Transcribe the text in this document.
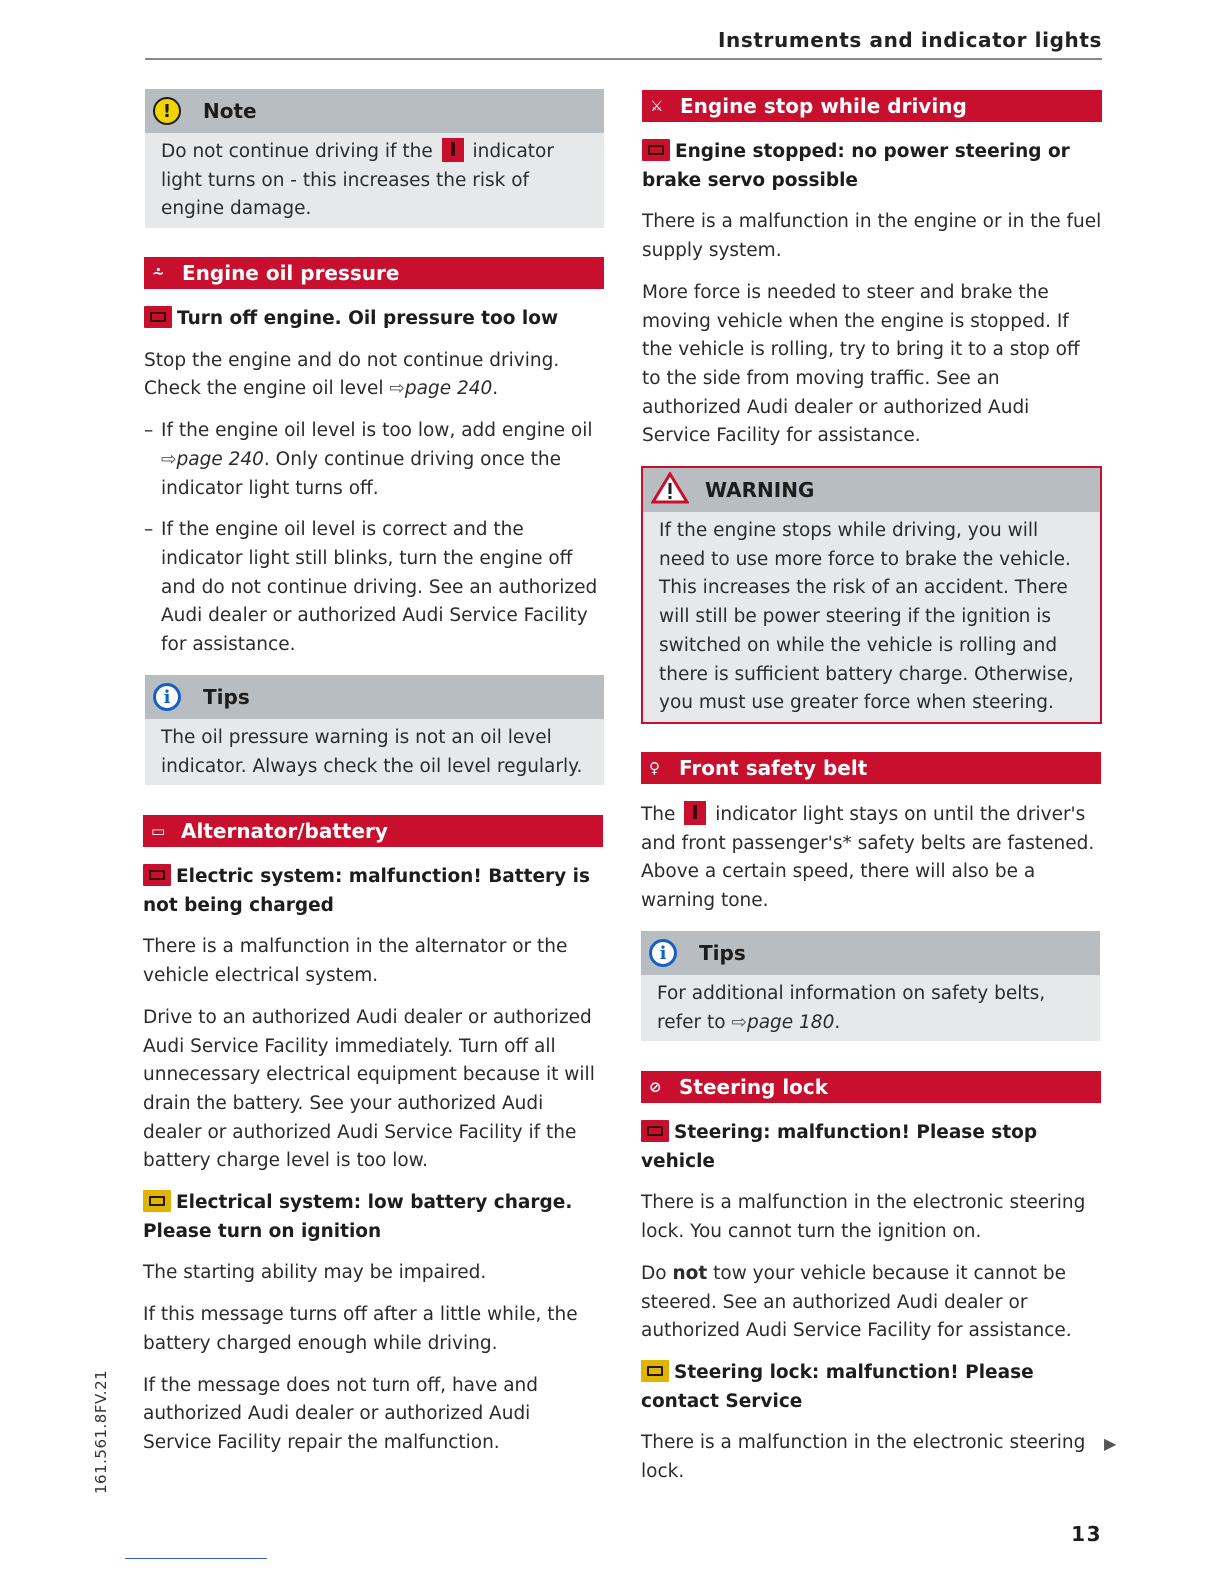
Instruments and indicator lights
!	Note

Do not continue driving if the indicator light turns on - this increases the risk of engine damage.

⩪ Engine oil pressure

Turn off engine. Oil pressure too low

Stop the engine and do not continue driving. Check the engine oil level ⇨page 240.

– If the engine oil level is too low, add engine oil ⇨page 240. Only continue driving once the indicator light turns off.

– If the engine oil level is correct and the indicator light still blinks, turn the engine off and do not continue driving. See an authorized Audi dealer or authorized Audi Service Facility for assistance.

i	Tips

The oil pressure warning is not an oil level indicator. Always check the oil level regularly.

▭ Alternator/battery

Electric system: malfunction! Battery is not being charged

There is a malfunction in the alternator or the vehicle electrical system.

Drive to an authorized Audi dealer or authorized Audi Service Facility immediately. Turn off all unnecessary electrical equipment because it will drain the battery. See your authorized Audi dealer or authorized Audi Service Facility if the battery charge level is too low.

Electrical system: low battery charge. Please turn on ignition

The starting ability may be impaired.

If this message turns off after a little while, the battery charged enough while driving.

If the message does not turn off, have and authorized Audi dealer or authorized Audi Service Facility repair the malfunction.

⚔ Engine stop while driving

Engine stopped: no power steering or brake servo possible

There is a malfunction in the engine or in the fuel supply system.

More force is needed to steer and brake the moving vehicle when the engine is stopped. If the vehicle is rolling, try to bring it to a stop off to the side from moving traffic. See an authorized Audi dealer or authorized Audi Service Facility for assistance.

WARNING

If the engine stops while driving, you will need to use more force to brake the vehicle. This increases the risk of an accident. There will still be power steering if the ignition is switched on while the vehicle is rolling and there is sufficient battery charge. Otherwise, you must use greater force when steering.

♀ Front safety belt

The indicator light stays on until the driver's and front passenger's* safety belts are fastened. Above a certain speed, there will also be a warning tone.

i	Tips

For additional information on safety belts, refer to ⇨page 180.

⊘ Steering lock

Steering: malfunction! Please stop vehicle

There is a malfunction in the electronic steering lock. You cannot turn the ignition on.

Do not tow your vehicle because it cannot be steered. See an authorized Audi dealer or authorized Audi Service Facility for assistance.

Steering lock: malfunction! Please contact Service

There is a malfunction in the electronic steering lock.

▶
161.561.8FV.21
13
